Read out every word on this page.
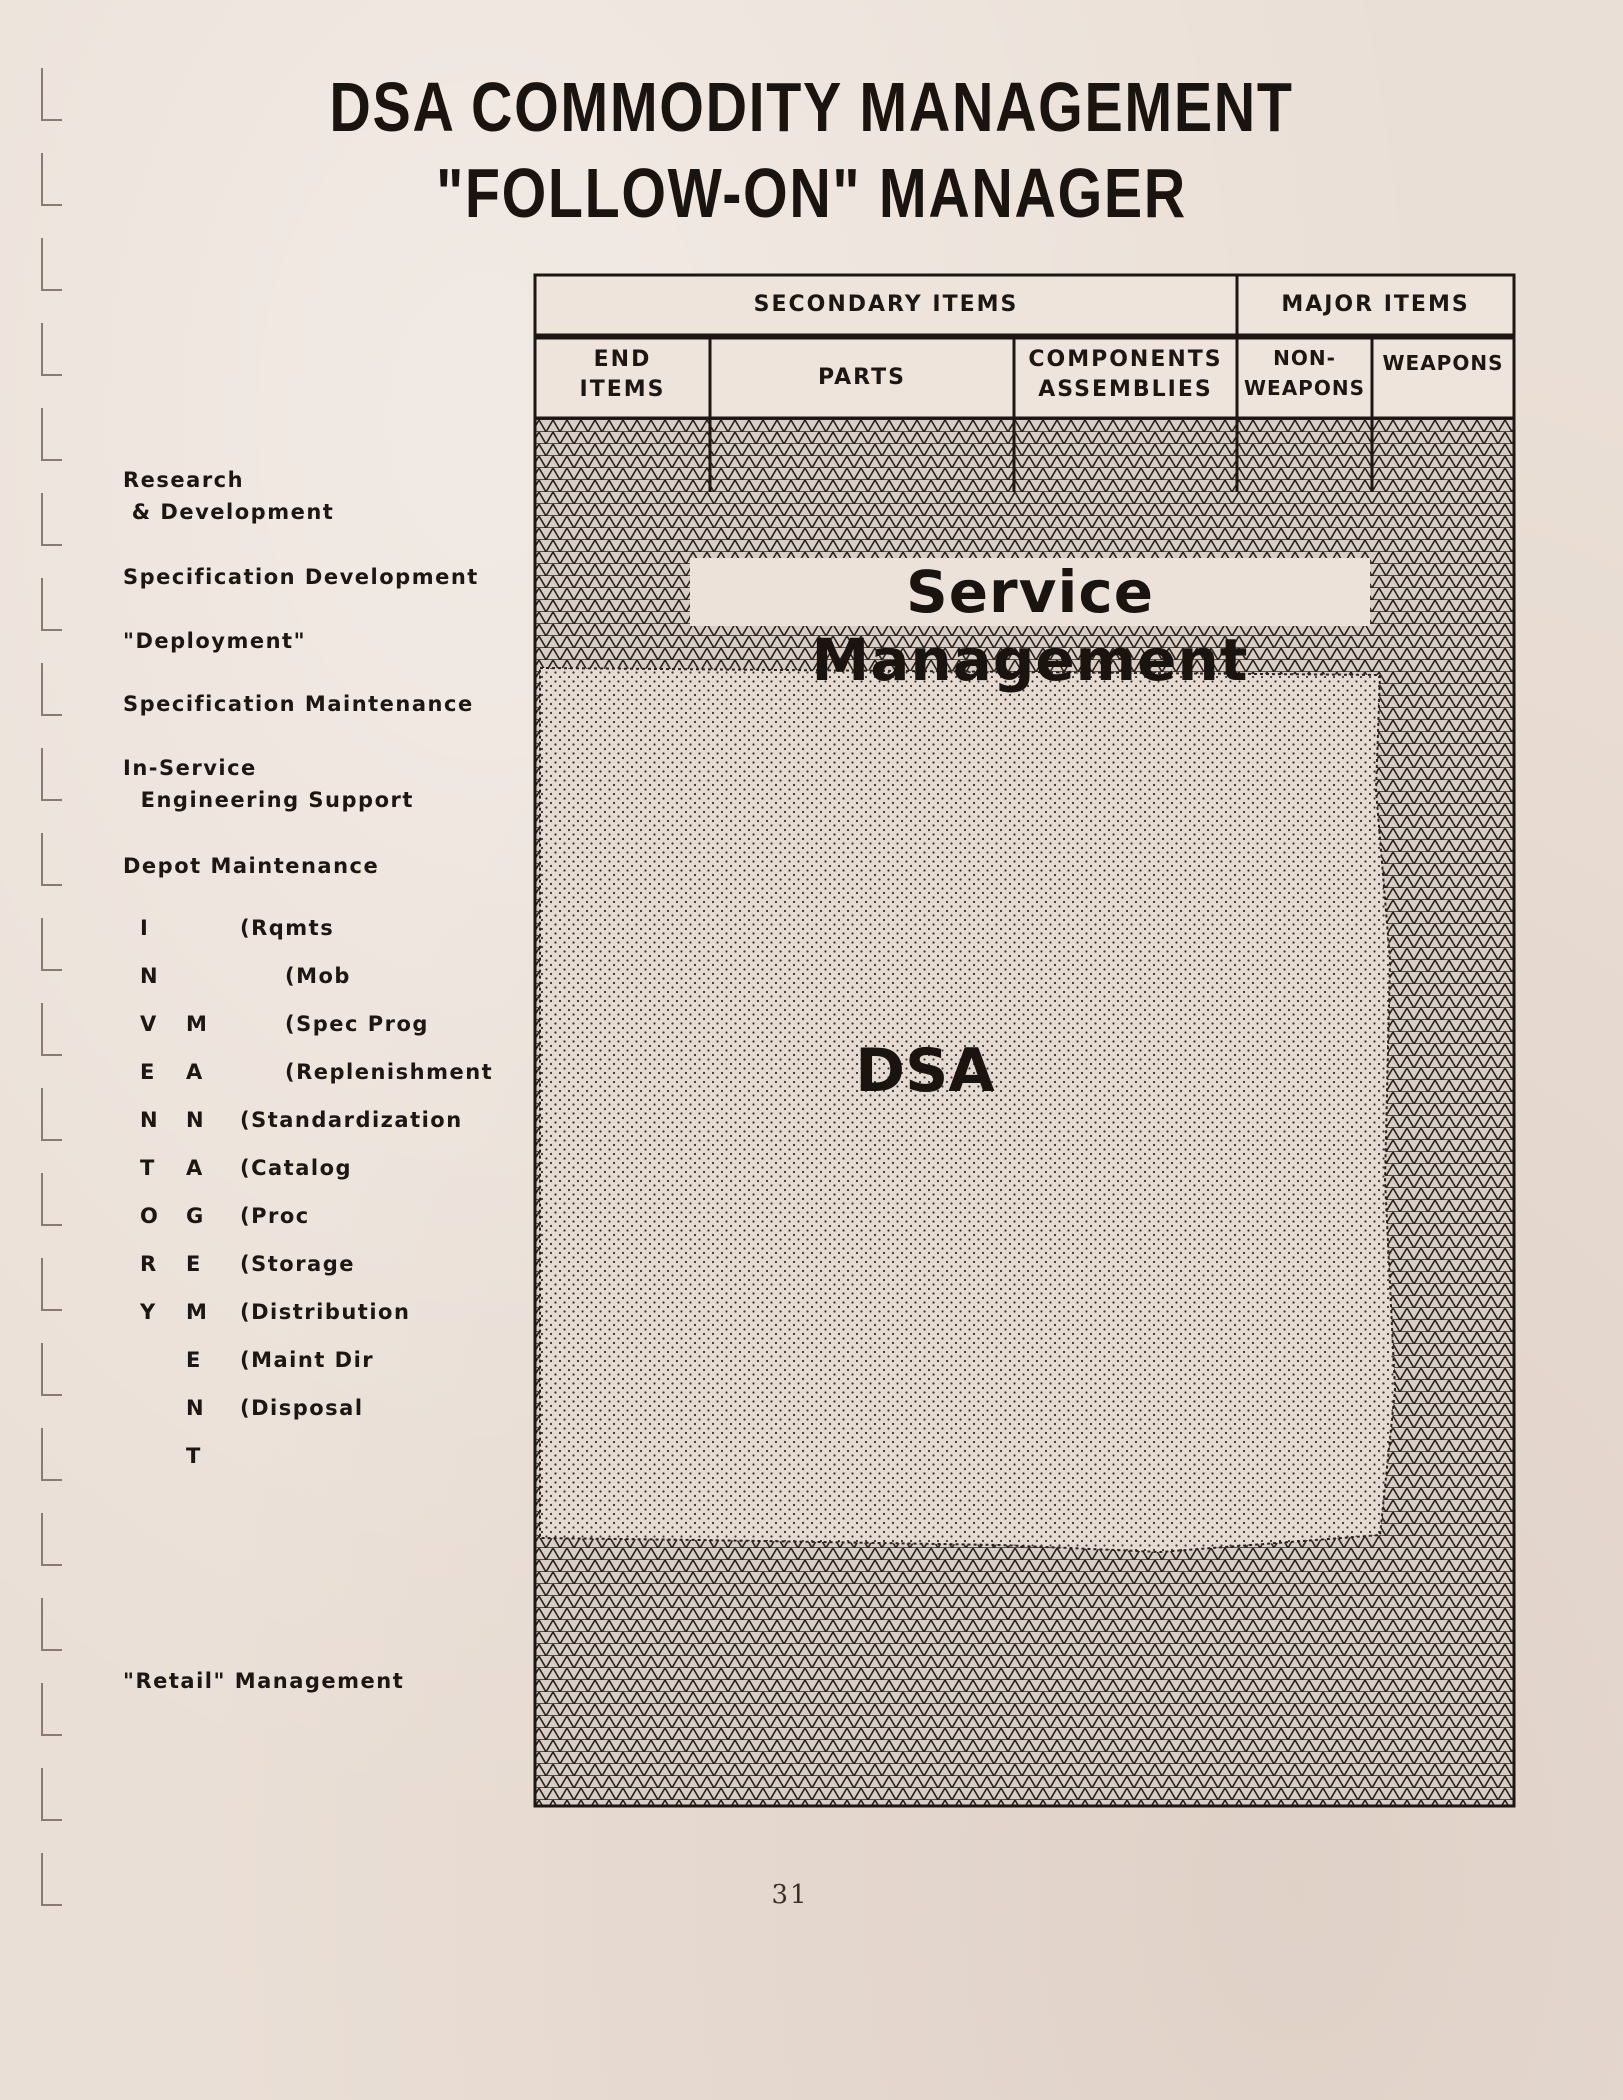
DSA COMMODITY MANAGEMENT
"FOLLOW-ON" MANAGER
Research
& Development
Specification Development
"Deployment"
Specification Maintenance
In-Service
Engineering Support
Depot Maintenance
I
N
V
E
N
T
O
R
Y
M
A
N
A
G
E
M
E
N
T
(Rqmts
(Mob
(Spec Prog
(Replenishment
(Standardization
(Catalog
(Proc
(Storage
(Distribution
(Maint Dir
(Disposal
"Retail" Management
SECONDARY ITEMS	MAJOR ITEMS
END
ITEMS	PARTS
COMPONENTS
ASSEMBLIES
NON-
WEAPONS
WEAPONS
Service Management
DSA
31
